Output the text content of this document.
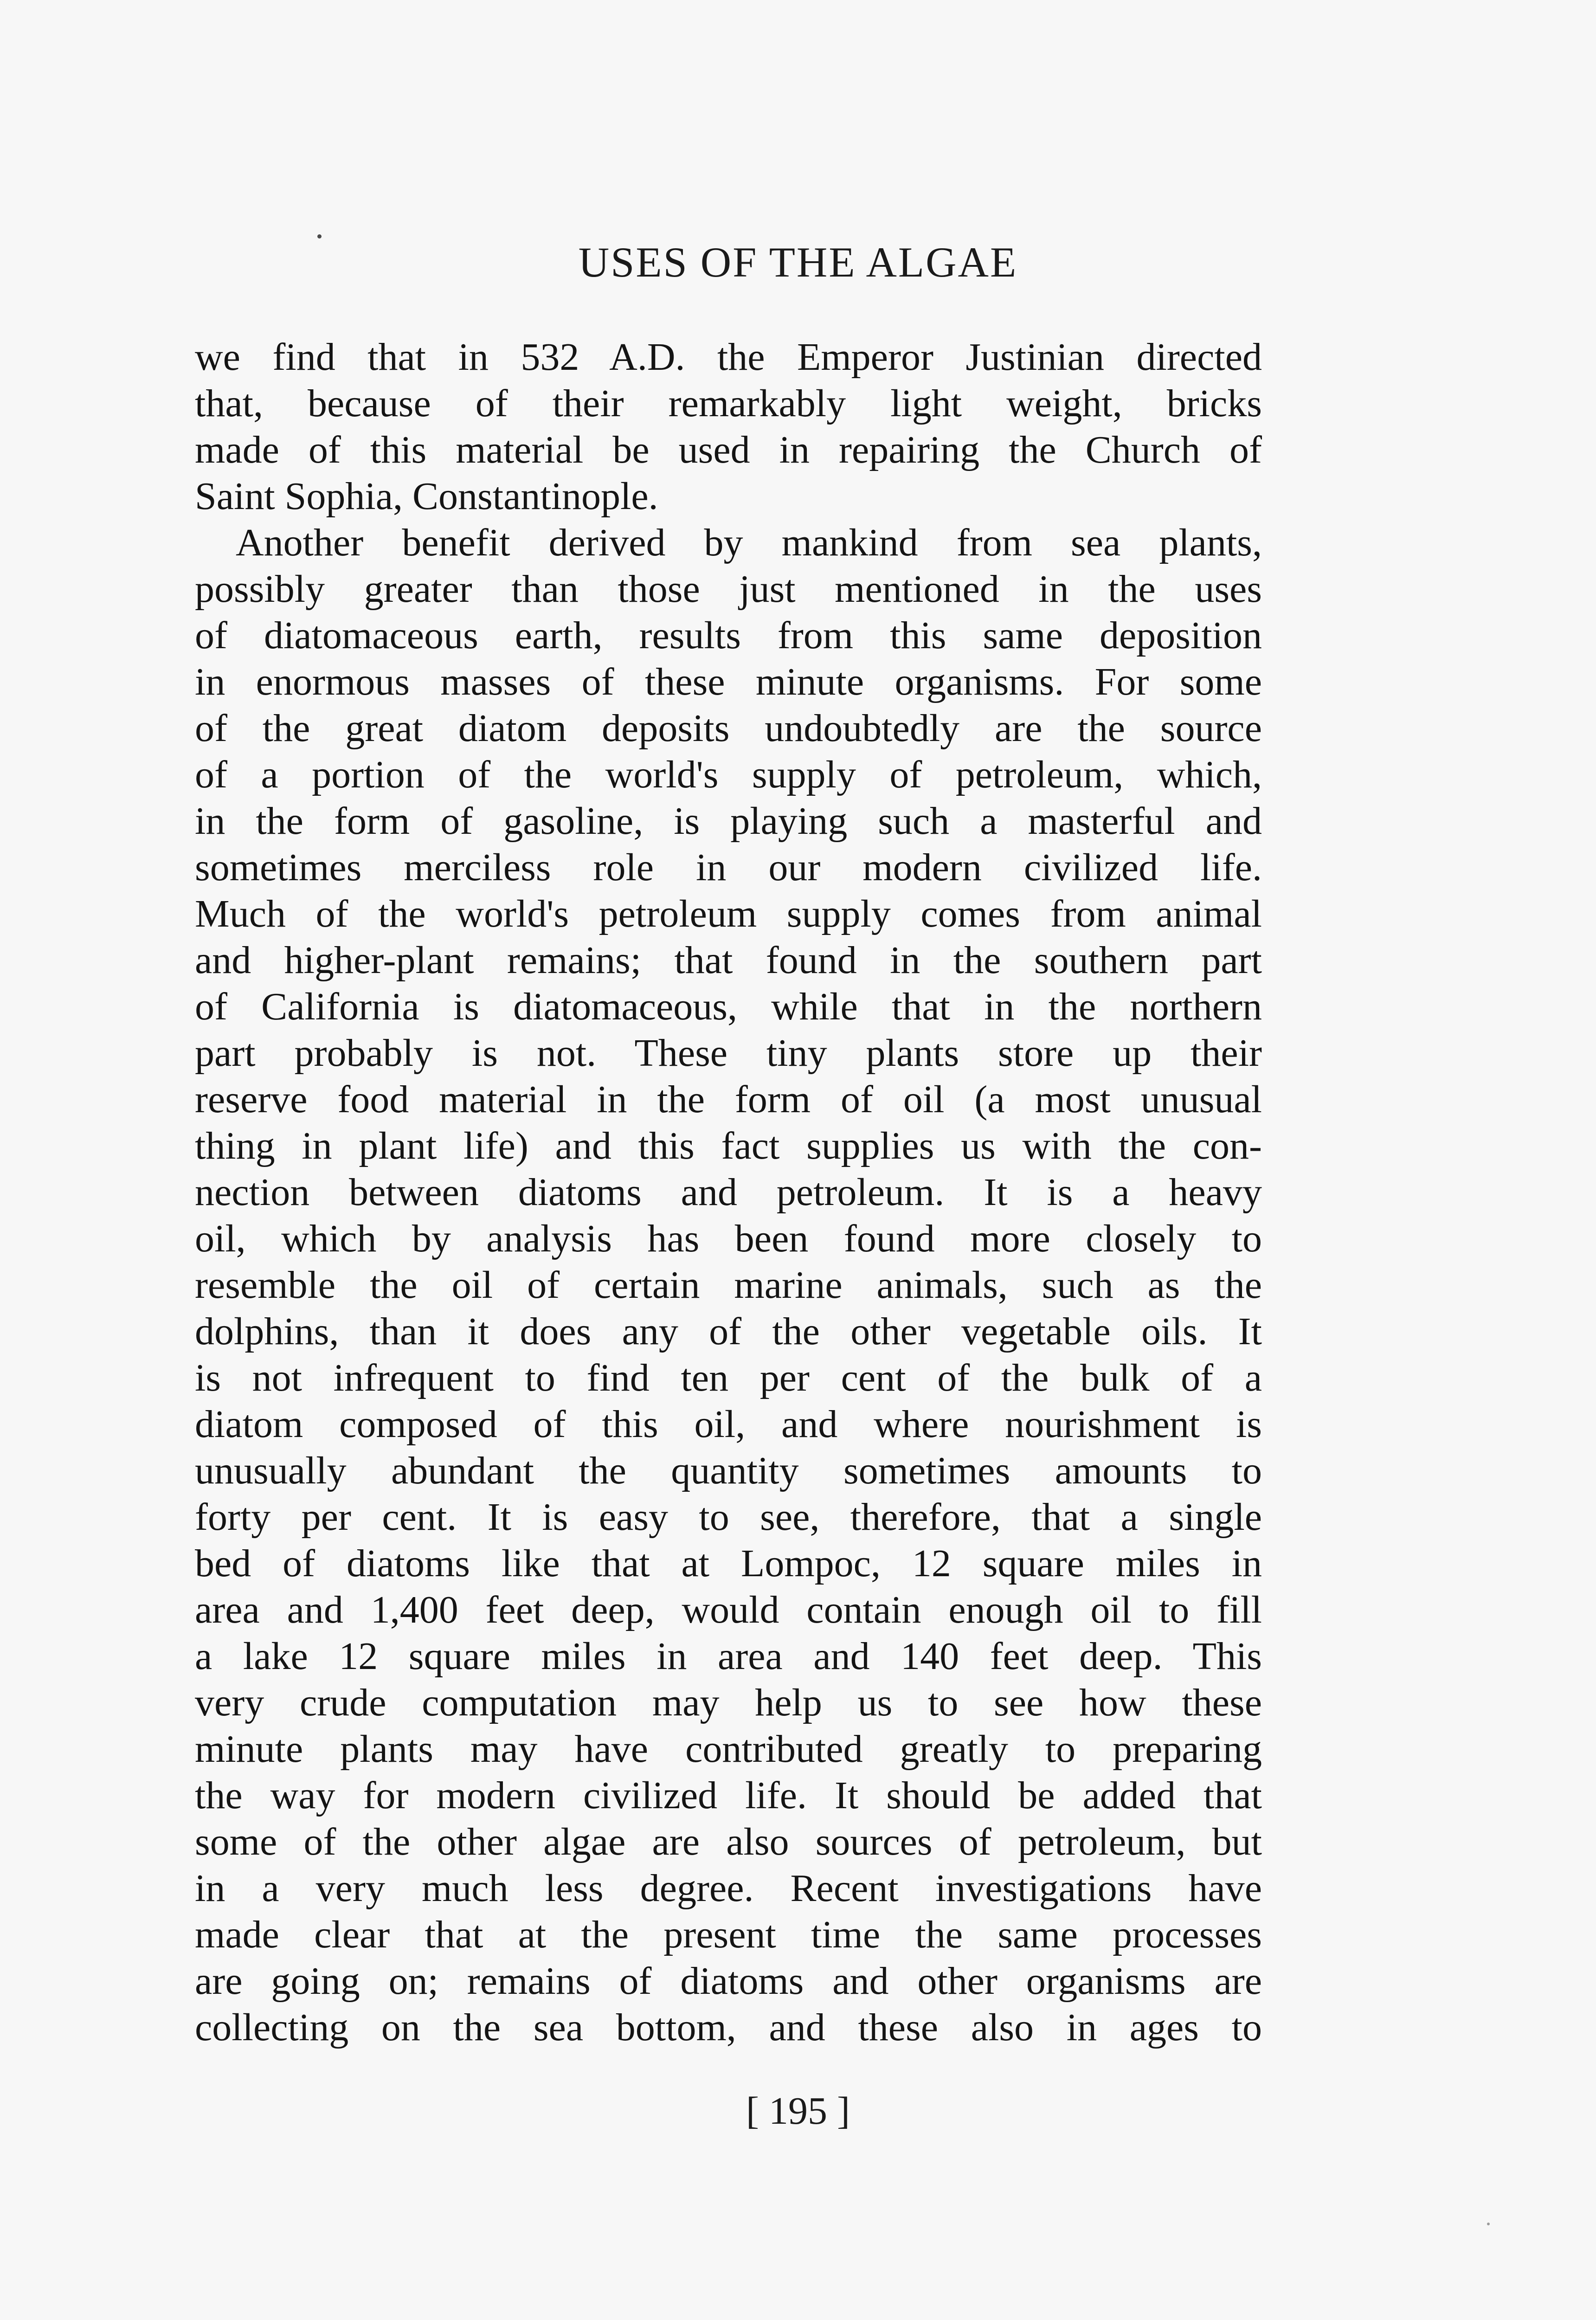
USES OF THE ALGAE
we find that in 532 A.D. the Emperor Justinian directed
that, because of their remarkably light weight, bricks
made of this material be used in repairing the Church of
Saint Sophia, Constantinople.
Another benefit derived by mankind from sea plants,
possibly greater than those just mentioned in the uses
of diatomaceous earth, results from this same deposition
in enormous masses of these minute organisms. For some
of the great diatom deposits undoubtedly are the source
of a portion of the world's supply of petroleum, which,
in the form of gasoline, is playing such a masterful and
sometimes merciless role in our modern civilized life.
Much of the world's petroleum supply comes from animal
and higher-plant remains; that found in the southern part
of California is diatomaceous, while that in the northern
part probably is not. These tiny plants store up their
reserve food material in the form of oil (a most unusual
thing in plant life) and this fact supplies us with the con-
nection between diatoms and petroleum. It is a heavy
oil, which by analysis has been found more closely to
resemble the oil of certain marine animals, such as the
dolphins, than it does any of the other vegetable oils. It
is not infrequent to find ten per cent of the bulk of a
diatom composed of this oil, and where nourishment is
unusually abundant the quantity sometimes amounts to
forty per cent. It is easy to see, therefore, that a single
bed of diatoms like that at Lompoc, 12 square miles in
area and 1,400 feet deep, would contain enough oil to fill
a lake 12 square miles in area and 140 feet deep. This
very crude computation may help us to see how these
minute plants may have contributed greatly to preparing
the way for modern civilized life. It should be added that
some of the other algae are also sources of petroleum, but
in a very much less degree. Recent investigations have
made clear that at the present time the same processes
are going on; remains of diatoms and other organisms are
collecting on the sea bottom, and these also in ages to
[ 195 ]
